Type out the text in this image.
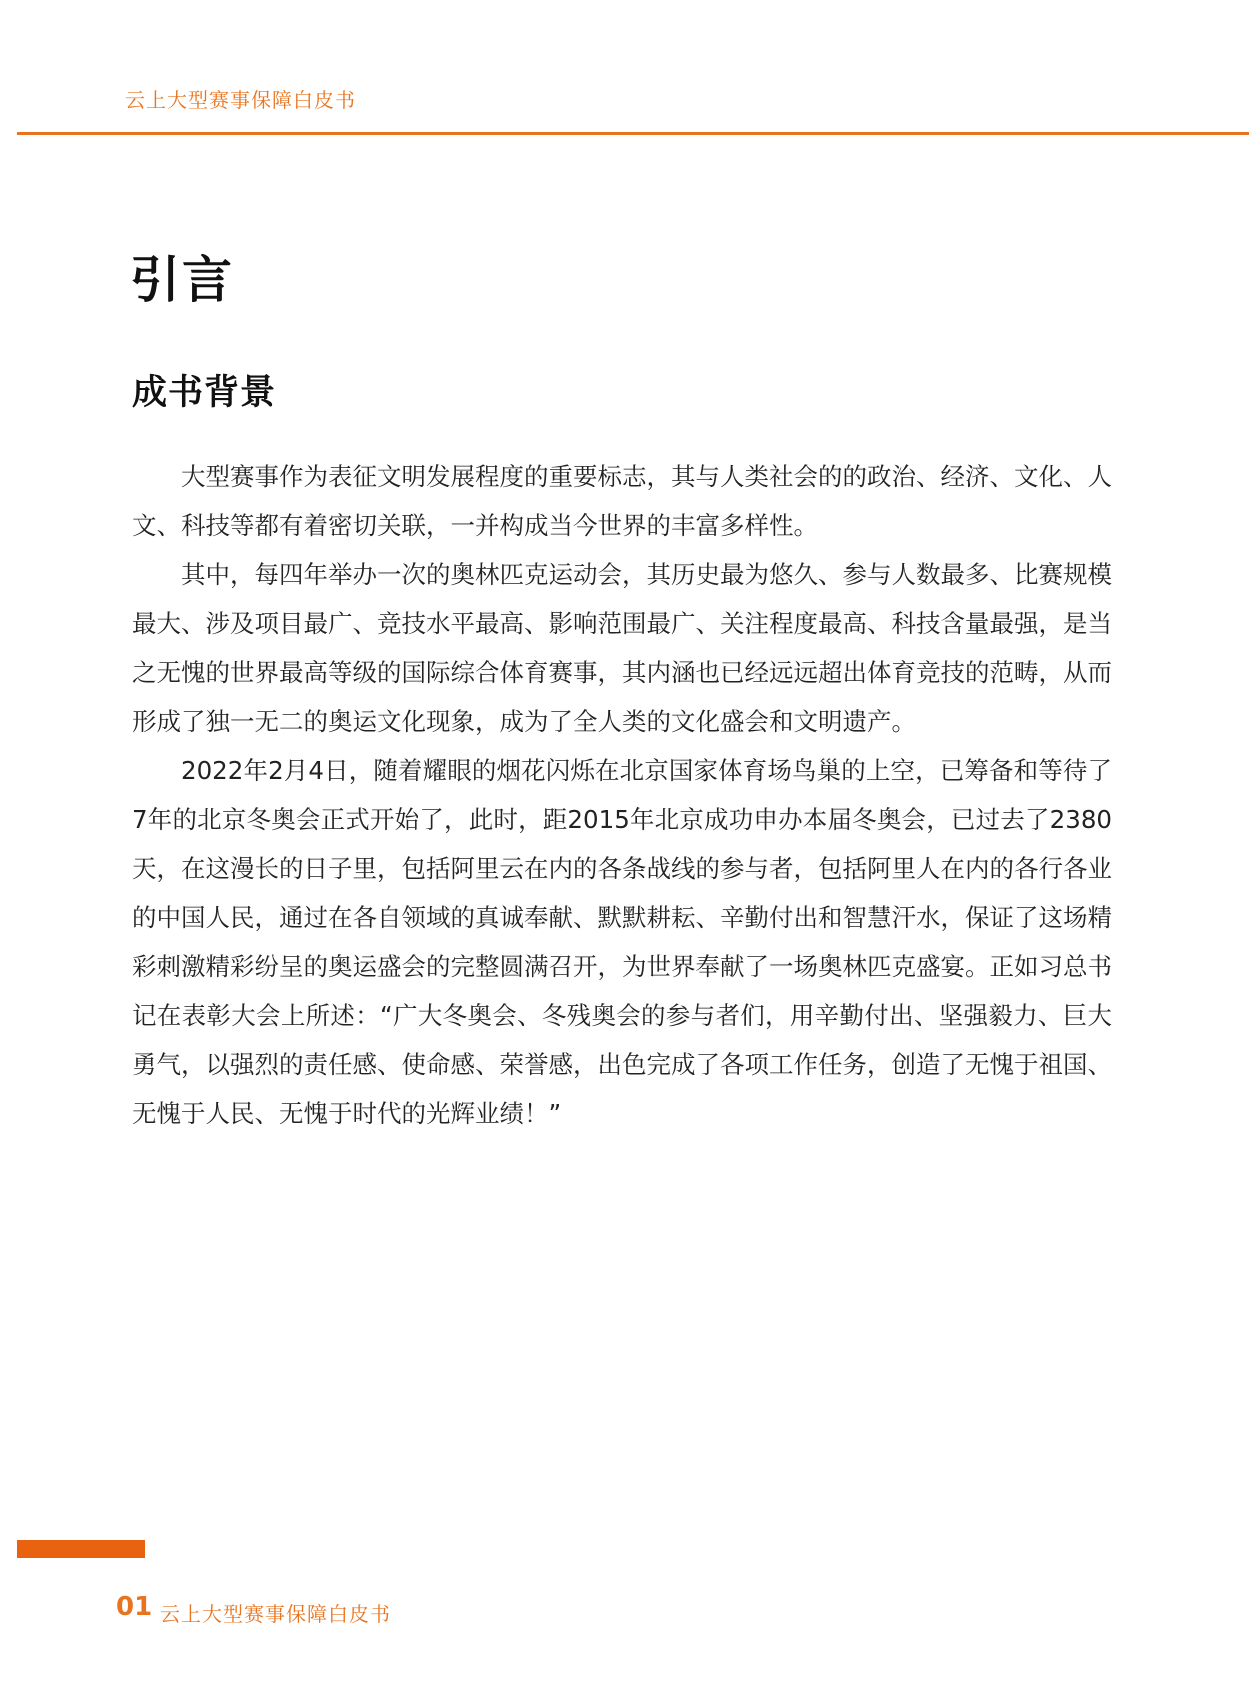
云上大型赛事保障白皮书
引言
成书背景

大型赛事作为表征文明发展程度的重要标志，其与人类社会的的政治、经济、文化、人文、科技等都有着密切关联，一并构成当今世界的丰富多样性。

其中，每四年举办一次的奥林匹克运动会，其历史最为悠久、参与人数最多、比赛规模最大、涉及项目最广、竞技水平最高、影响范围最广、关注程度最高、科技含量最强，是当之无愧的世界最高等级的国际综合体育赛事，其内涵也已经远远超出体育竞技的范畴，从而形成了独一无二的奥运文化现象，成为了全人类的文化盛会和文明遗产。

2022年2月4日，随着耀眼的烟花闪烁在北京国家体育场鸟巢的上空，已筹备和等待了7年的北京冬奥会正式开始了，此时，距2015年北京成功申办本届冬奥会，已过去了2380天，在这漫长的日子里，包括阿里云在内的各条战线的参与者，包括阿里人在内的各行各业的中国人民，通过在各自领域的真诚奉献、默默耕耘、辛勤付出和智慧汗水，保证了这场精彩刺激精彩纷呈的奥运盛会的完整圆满召开，为世界奉献了一场奥林匹克盛宴。正如习总书记在表彰大会上所述：“广大冬奥会、冬残奥会的参与者们，用辛勤付出、坚强毅力、巨大勇气，以强烈的责任感、使命感、荣誉感，出色完成了各项工作任务，创造了无愧于祖国、无愧于人民、无愧于时代的光辉业绩！”

01 云上大型赛事保障白皮书
